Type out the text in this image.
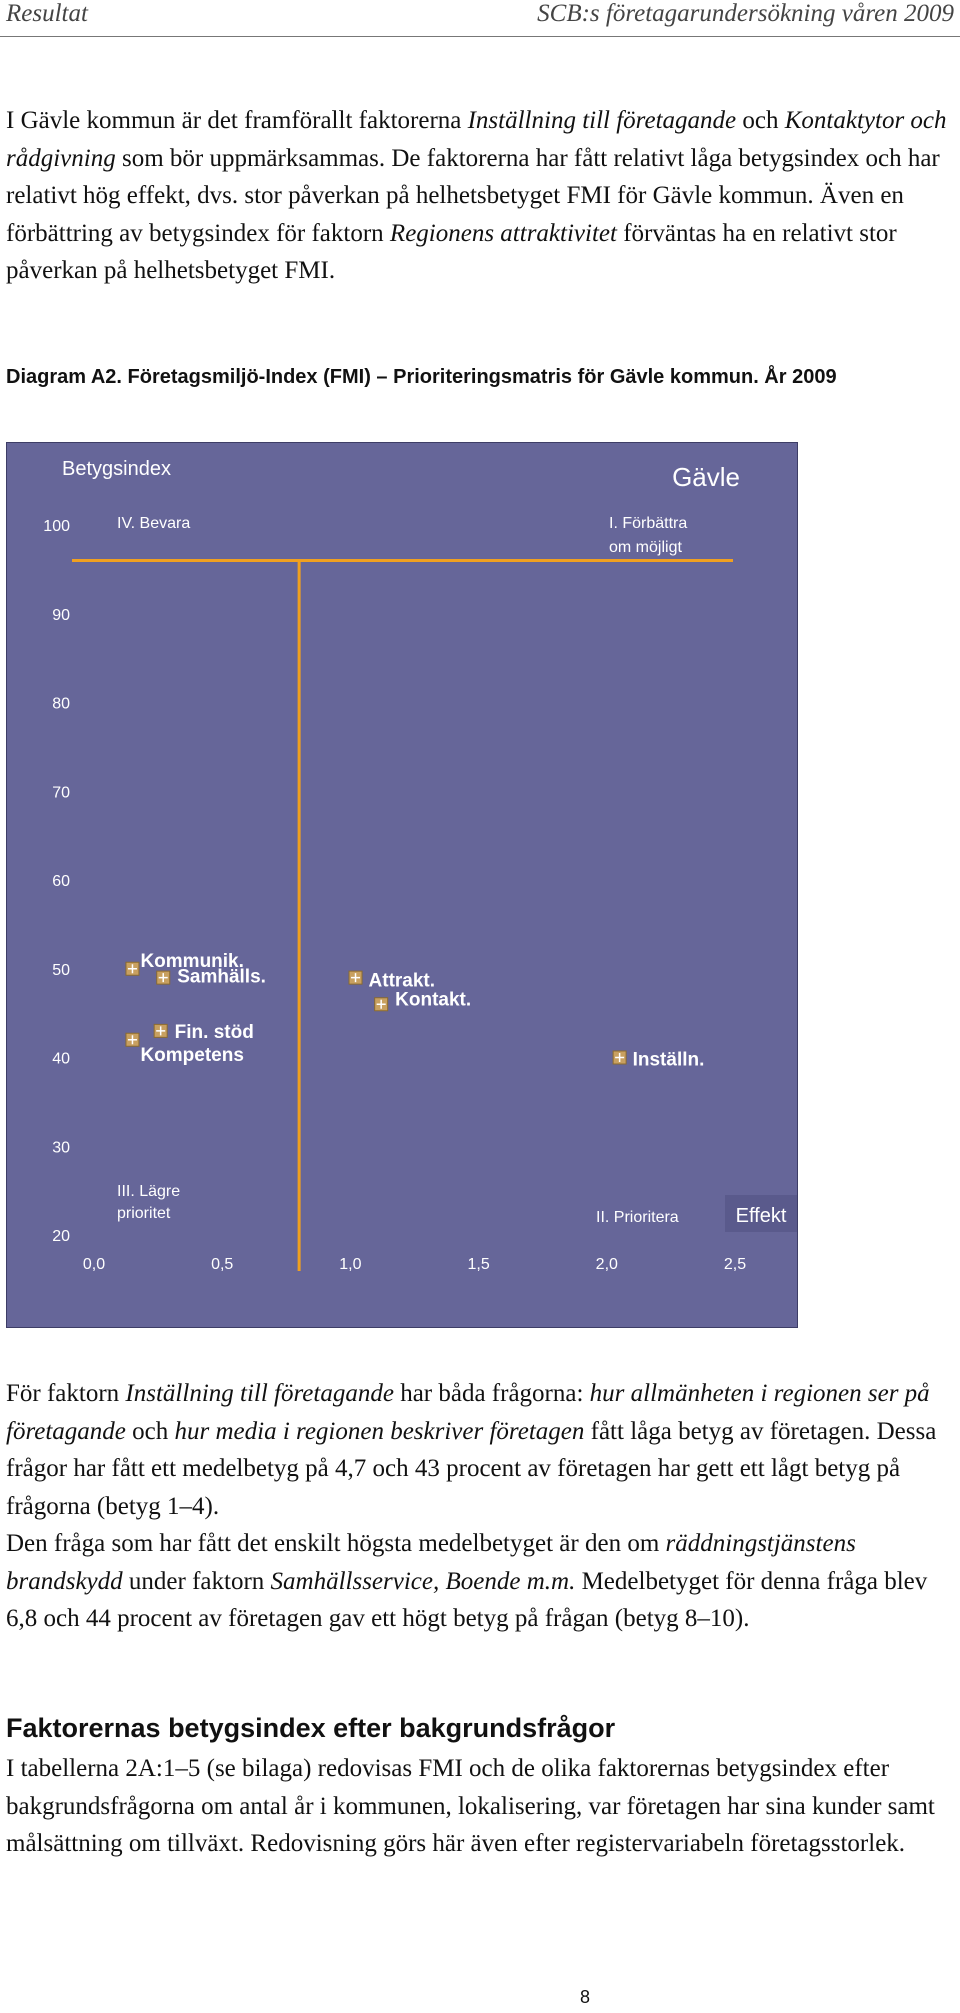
Resultat	SCB:s företagarundersökning våren 2009
I Gävle kommun är det framförallt faktorerna Inställning till företagande och Kontaktytor och rådgivning som bör uppmärksammas. De faktorerna har fått relativt låga betygsindex och har relativt hög effekt, dvs. stor påverkan på helhetsbetyget FMI för Gävle kommun. Även en förbättring av betygsindex för faktorn Regionens attraktivitet förväntas ha en relativt stor påverkan på helhetsbetyget FMI.
Diagram A2. Företagsmiljö-Index (FMI) – Prioriteringsmatris för Gävle kommun. År 2009
Gävle
Betygsindex
Effekt
100
90
80
70
60
50
40
30
20
0,0	0,5	1,0	1,5	2,0	2,5
IV. Bevara	I. Förbättra
om möjligt
III. Lägre
prioritet	II. Prioritera
Kommunik.
Samhälls.
Fin. stöd
Kompetens
Attrakt.
Kontakt.
Inställn.
För faktorn Inställning till företagande har båda frågorna: hur allmänheten i regionen ser på företagande och hur media i regionen beskriver företagen fått låga betyg av företagen. Dessa frågor har fått ett medelbetyg på 4,7 och 43 procent av företagen har gett ett lågt betyg på frågorna (betyg 1–4).
Den fråga som har fått det enskilt högsta medelbetyget är den om räddningstjänstens brandskydd under faktorn Samhällsservice, Boende m.m. Medelbetyget för denna fråga blev 6,8 och 44 procent av företagen gav ett högt betyg på frågan (betyg 8–10).
Faktorernas betygsindex efter bakgrundsfrågor
I tabellerna 2A:1–5 (se bilaga) redovisas FMI och de olika faktorernas betygsindex efter bakgrundsfrågorna om antal år i kommunen, lokalisering, var företagen har sina kunder samt målsättning om tillväxt. Redovisning görs här även efter registervariabeln företagsstorlek.
8
